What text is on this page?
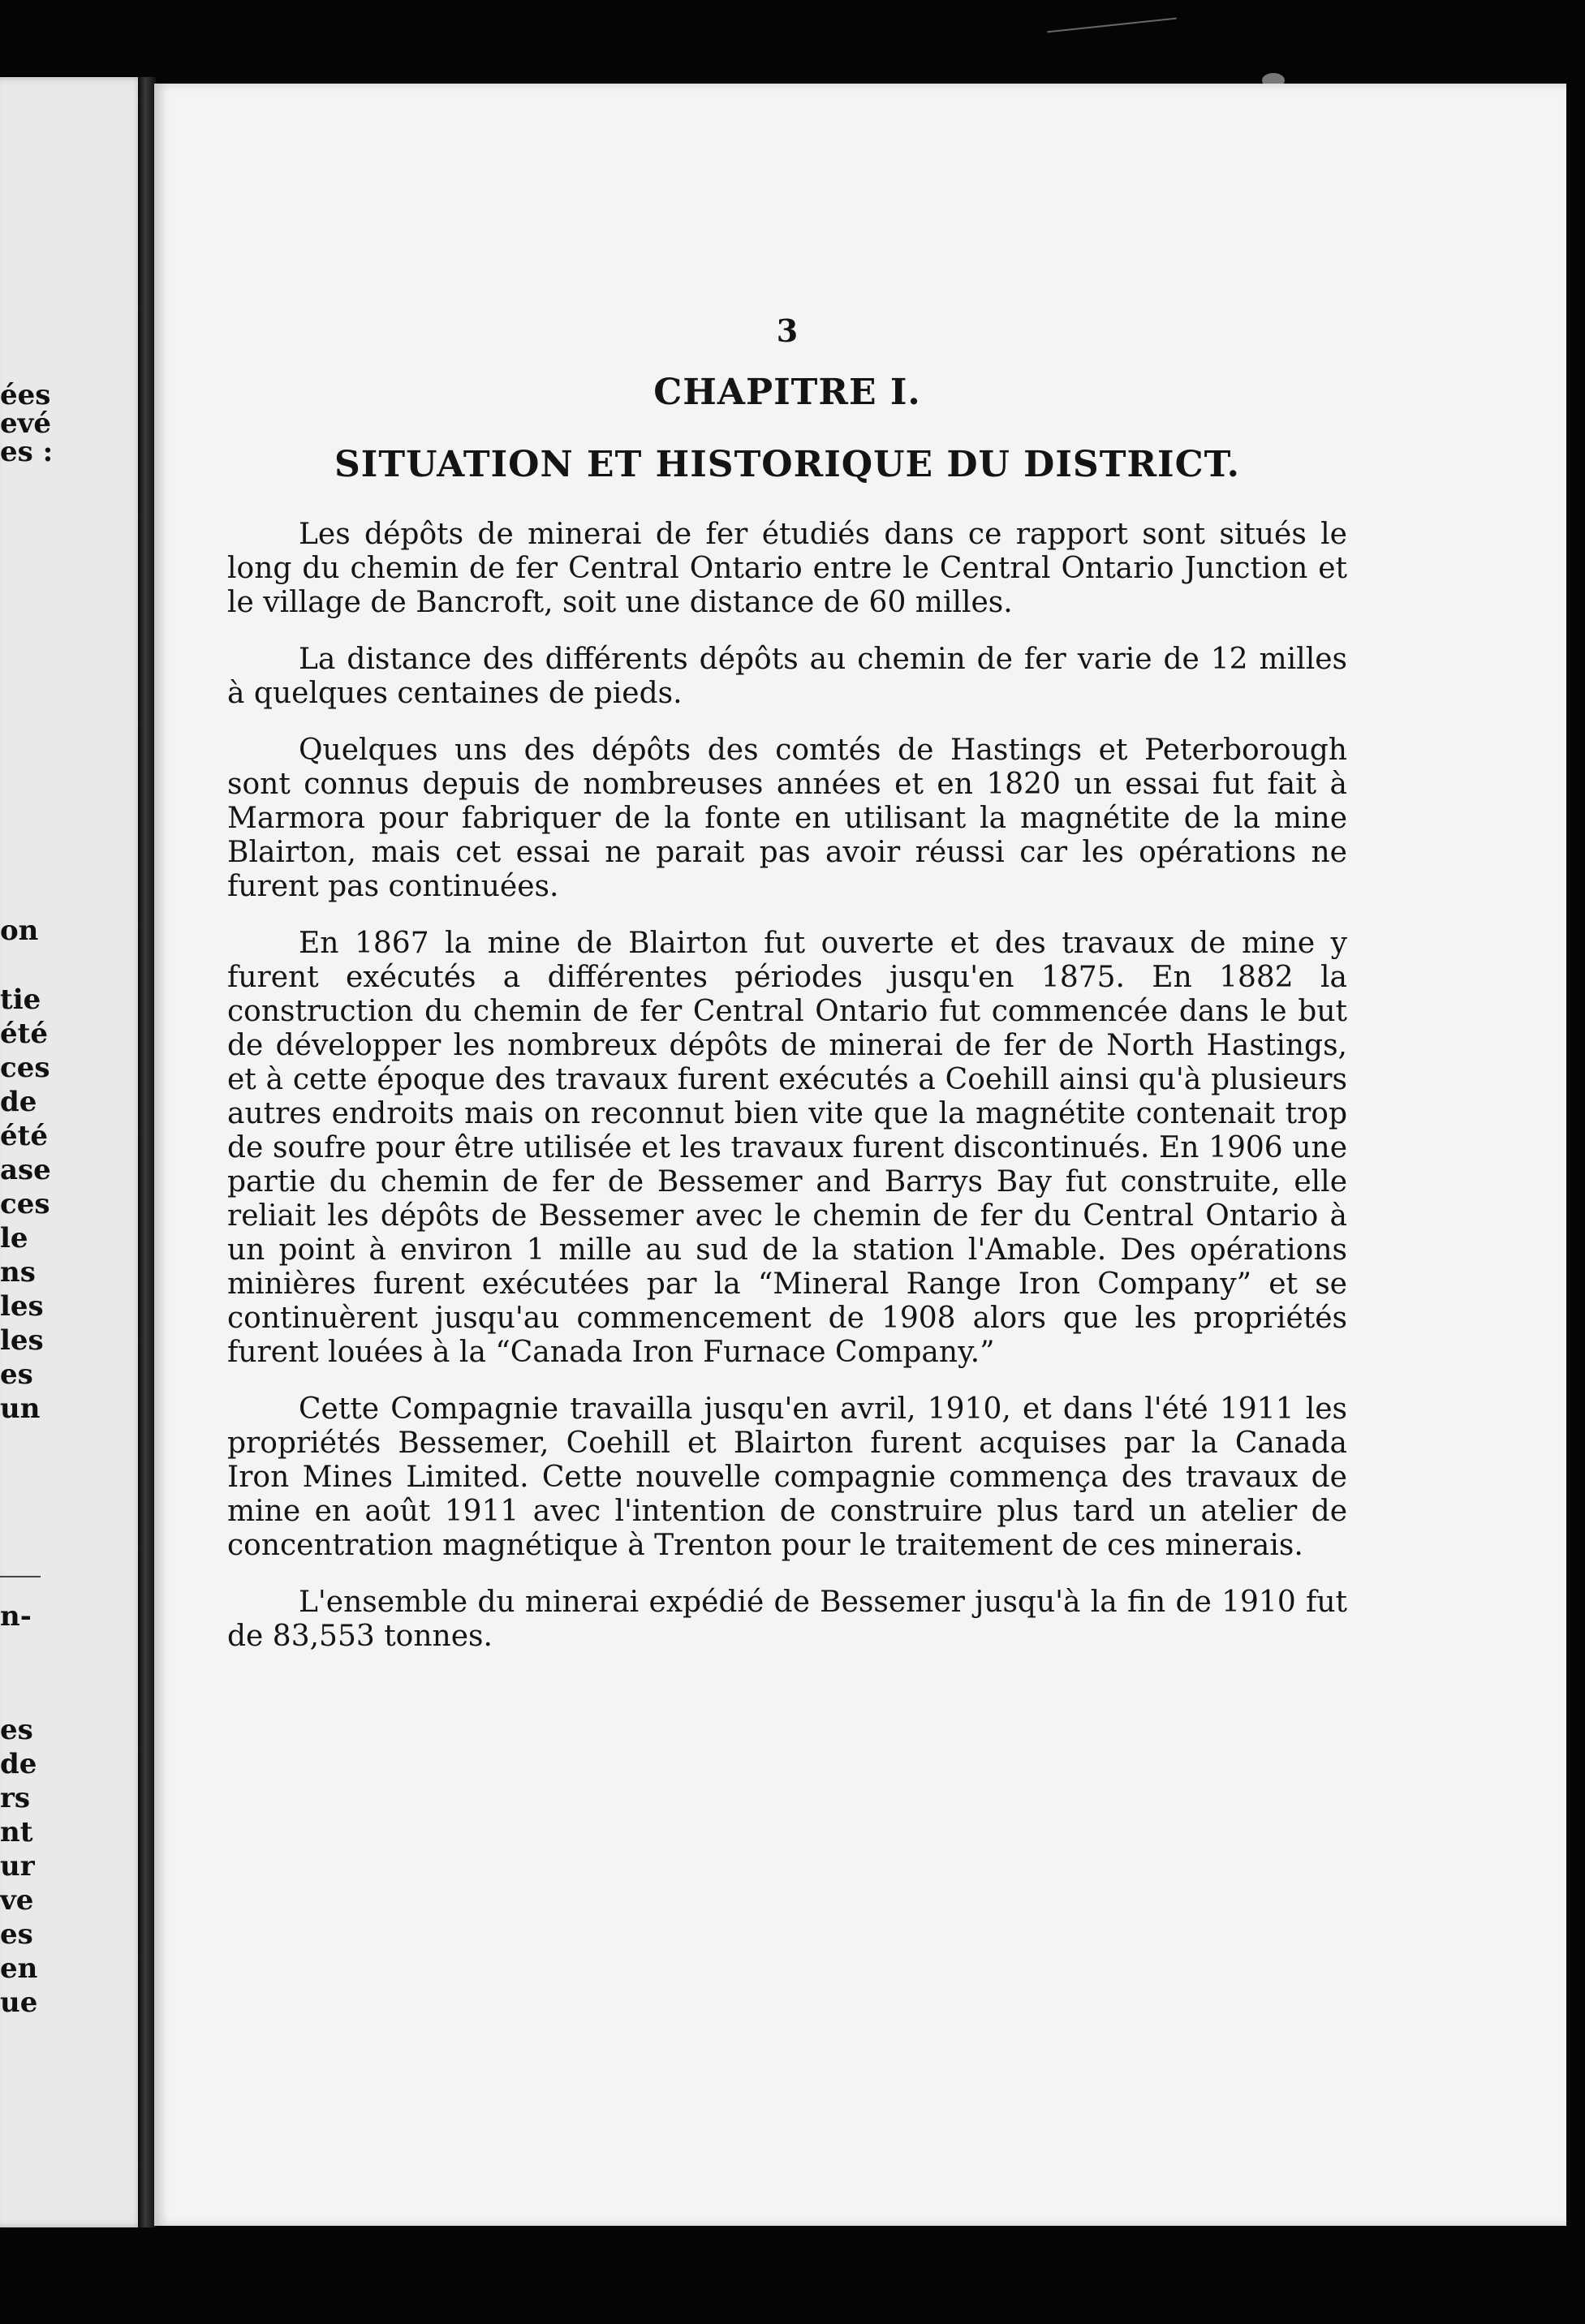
ées
evé
es :
on
tie
été
ces
de
été
ase
ces
le
ns
les
les
es
un
n-
es
de
rs
nt
ur
ve
es
en
ue
3
CHAPITRE I.
SITUATION ET HISTORIQUE DU DISTRICT.

Les dépôts de minerai de fer étudiés dans ce rapport sont situés le long du chemin de fer Central Ontario entre le Central Ontario Junction et le village de Bancroft, soit une distance de 60 milles.

La distance des différents dépôts au chemin de fer varie de 12 milles à quelques centaines de pieds.

Quelques uns des dépôts des comtés de Hastings et Peterborough sont connus depuis de nombreuses années et en 1820 un essai fut fait à Marmora pour fabriquer de la fonte en utilisant la magnétite de la mine Blairton, mais cet essai ne parait pas avoir réussi car les opérations ne furent pas continuées.

En 1867 la mine de Blairton fut ouverte et des travaux de mine y furent exécutés a différentes périodes jusqu'en 1875. En 1882 la construction du chemin de fer Central Ontario fut commencée dans le but de développer les nombreux dépôts de minerai de fer de North Hastings, et à cette époque des travaux furent exécutés a Coehill ainsi qu'à plusieurs autres endroits mais on reconnut bien vite que la magnétite contenait trop de soufre pour être utilisée et les travaux furent discontinués. En 1906 une partie du chemin de fer de Bessemer and Barrys Bay fut construite, elle reliait les dépôts de Bessemer avec le chemin de fer du Central Ontario à un point à environ 1 mille au sud de la station l'Amable. Des opérations minières furent exécutées par la “Mineral Range Iron Company” et se continuèrent jusqu'au commencement de 1908 alors que les propriétés furent louées à la “Canada Iron Furnace Company.”

Cette Compagnie travailla jusqu'en avril, 1910, et dans l'été 1911 les propriétés Bessemer, Coehill et Blairton furent acquises par la Canada Iron Mines Limited. Cette nouvelle compagnie commença des travaux de mine en août 1911 avec l'intention de construire plus tard un atelier de concentration magnétique à Trenton pour le traitement de ces minerais.

L'ensemble du minerai expédié de Bessemer jusqu'à la fin de 1910 fut de 83,553 tonnes.
